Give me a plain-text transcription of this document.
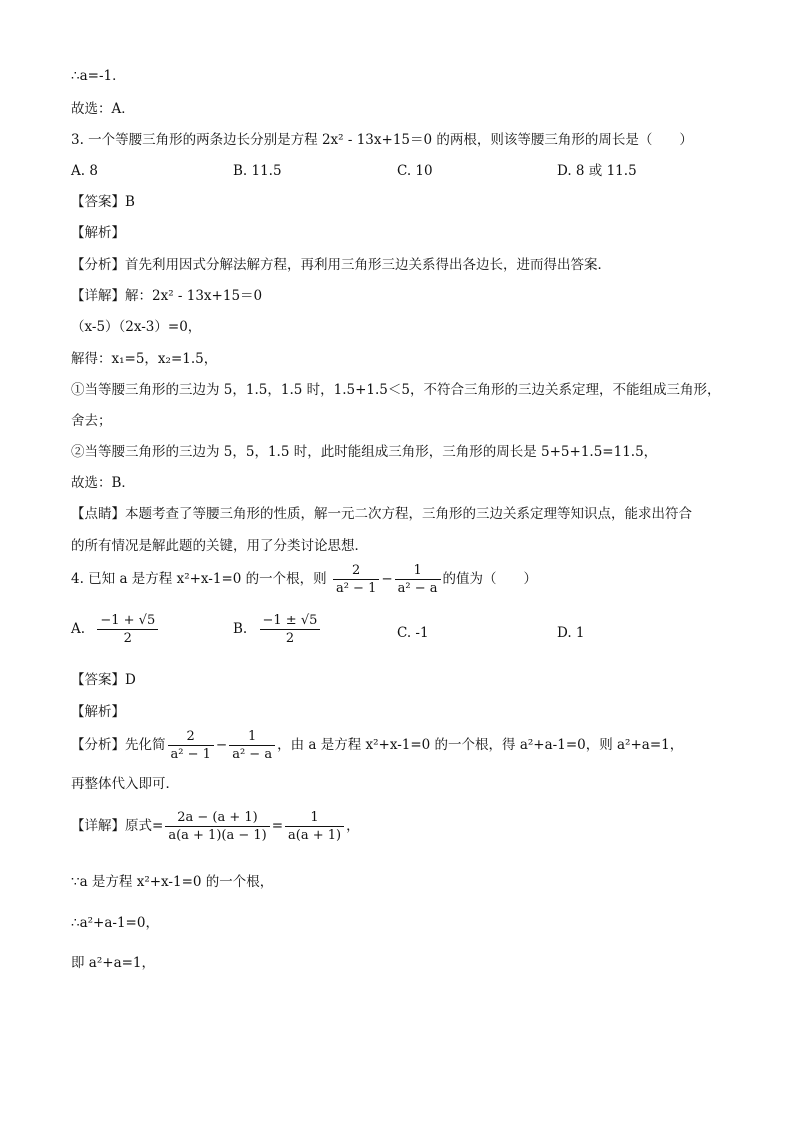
∴a=-1．
故选：A．
3. 一个等腰三角形的两条边长分别是方程 2x² - 13x+15＝0 的两根，则该等腰三角形的周长是（　　）
A. 8	B. 11.5	C. 10	D. 8 或 11.5
【答案】B
【解析】
【分析】首先利用因式分解法解方程，再利用三角形三边关系得出各边长，进而得出答案．
【详解】解：2x² - 13x+15＝0
（x-5）（2x-3）=0，
解得：x₁=5，x₂=1.5，
①当等腰三角形的三边为 5，1.5，1.5 时，1.5+1.5＜5，不符合三角形的三边关系定理，不能组成三角形，
舍去；
②当等腰三角形的三边为 5，5，1.5 时，此时能组成三角形，三角形的周长是 5+5+1.5=11.5，
故选：B．
【点睛】本题考查了等腰三角形的性质，解一元二次方程，三角形的三边关系定理等知识点，能求出符合
的所有情况是解此题的关键，用了分类讨论思想．
4. 已知 a 是方程 x²+x-1=0 的一个根，则 $\frac{2}{\text{a² − 1}} - \frac{1}{\text{a² − a}}$ 的值为（　　）
A. $\frac{-1 + √5}{2}$	B. $\frac{-1 \pm √5}{2}$	C. -1	D. 1
【答案】D
【解析】
【分析】先化简 $\frac{2}{\text{a² − 1}} - \frac{1}{\text{a² − a}}$ ，由 a 是方程 x²+x-1=0 的一个根，得 a²+a-1=0，则 a²+a=1，
再整体代入即可．
【详解】原式= $\frac{2a - (a + 1)}{a(a + 1)(a - 1)} = \frac{1}{a(a + 1)}$ ，
∵a 是方程 x²+x-1=0 的一个根，
∴a²+a-1=0，
即 a²+a=1，
